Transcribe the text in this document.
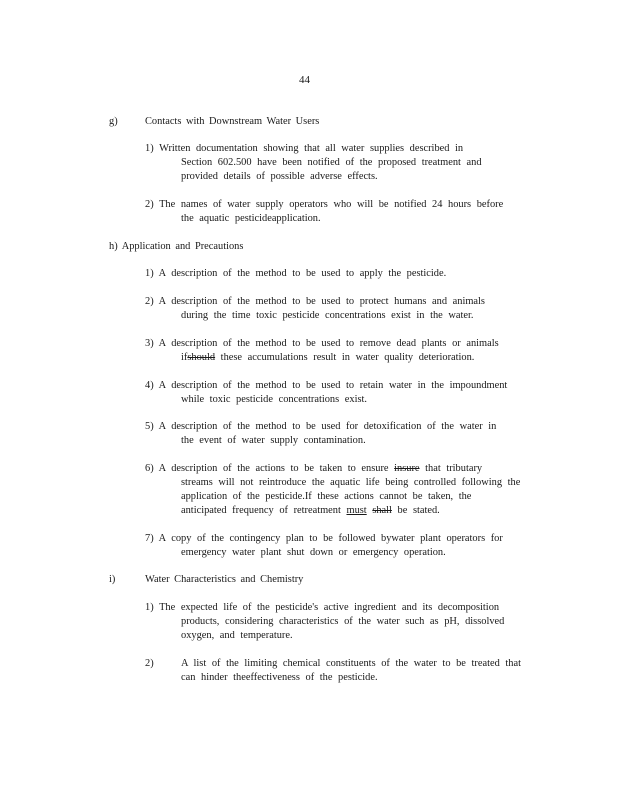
44
g)	Contacts with Downstream Water Users
1) Written documentation showing that all water supplies described in
Section 602.500 have been notified of the proposed treatment and
provided details of possible adverse effects.
2) The names of water supply operators who will be notified 24 hours before
the aquatic pesticideapplication.
h) Application and Precautions
1) A description of the method to be used to apply the pesticide.
2) A description of the method to be used to protect humans and animals
during the time toxic pesticide concentrations exist in the water.
3) A description of the method to be used to remove dead plants or animals
ifshould these accumulations result in water quality deterioration.
4) A description of the method to be used to retain water in the impoundment
while toxic pesticide concentrations exist.
5) A description of the method to be used for detoxification of the water in
the event of water supply contamination.
6) A description of the actions to be taken to ensure insure that tributary
streams will not reintroduce the aquatic life being controlled following the
application of the pesticide.If these actions cannot be taken, the
anticipated frequency of retreatment must shall be stated.
7) A copy of the contingency plan to be followed bywater plant operators for
emergency water plant shut down or emergency operation.
i)	Water Characteristics and Chemistry
1) The expected life of the pesticide's active ingredient and its decomposition
products, considering characteristics of the water such as pH, dissolved
oxygen, and temperature.
2)	A list of the limiting chemical constituents of the water to be treated that
can hinder theeffectiveness of the pesticide.
